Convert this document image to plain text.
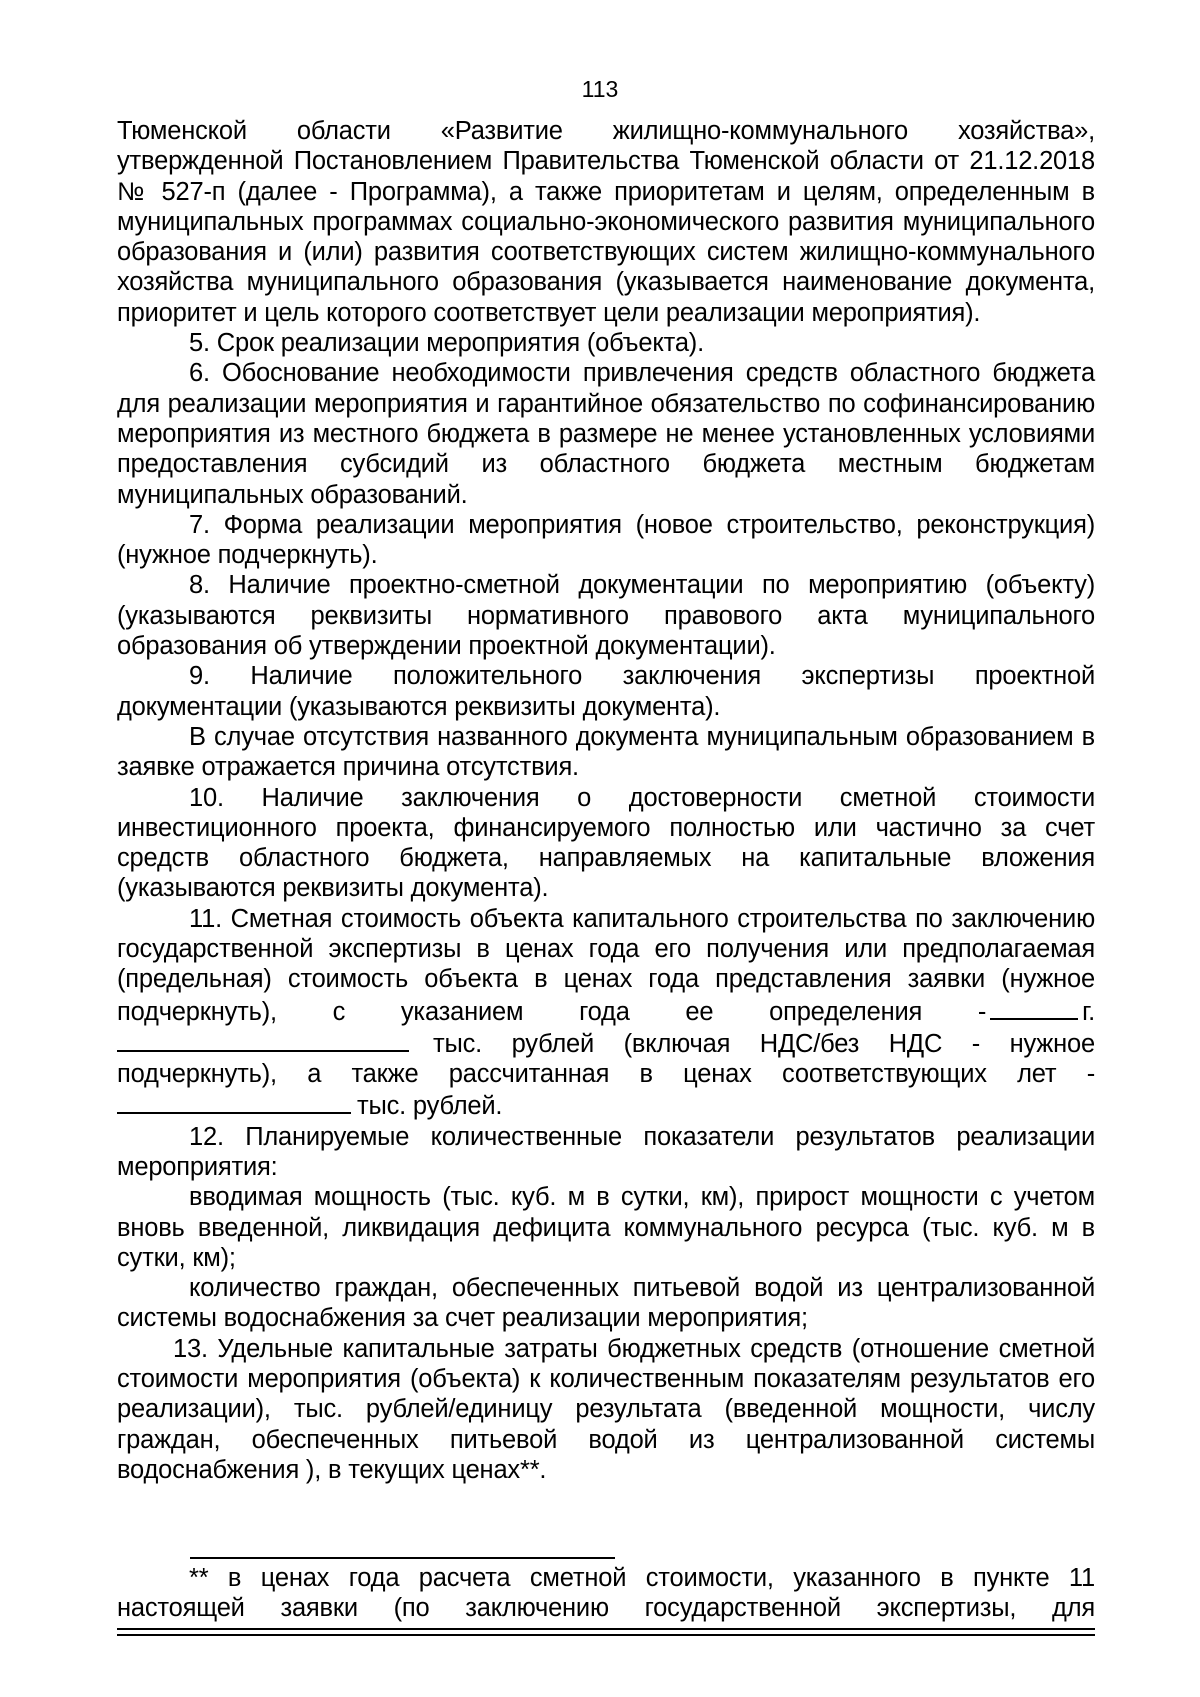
113

Тюменской области «Развитие жилищно-коммунального хозяйства», утвержденной Постановлением Правительства Тюменской области от 21.12.2018 № 527-п (далее - Программа), а также приоритетам и целям, определенным в муниципальных программах социально-экономического развития муниципального образования и (или) развития соответствующих систем жилищно-коммунального хозяйства муниципального образования (указывается наименование документа, приоритет и цель которого соответствует цели реализации мероприятия).

5. Срок реализации мероприятия (объекта).

6. Обоснование необходимости привлечения средств областного бюджета для реализации мероприятия и гарантийное обязательство по софинансированию мероприятия из местного бюджета в размере не менее установленных условиями предоставления субсидий из областного бюджета местным бюджетам муниципальных образований.

7. Форма реализации мероприятия (новое строительство, реконструкция) (нужное подчеркнуть).

8. Наличие проектно-сметной документации по мероприятию (объекту) (указываются реквизиты нормативного правового акта муниципального образования об утверждении проектной документации).

9. Наличие положительного заключения экспертизы проектной документации (указываются реквизиты документа).

В случае отсутствия названного документа муниципальным образованием в заявке отражается причина отсутствия.

10. Наличие заключения о достоверности сметной стоимости инвестиционного проекта, финансируемого полностью или частично за счет средств областного бюджета, направляемых на капитальные вложения (указываются реквизиты документа).

11. Сметная стоимость объекта капитального строительства по заключению государственной экспертизы в ценах года его получения или предполагаемая (предельная) стоимость объекта в ценах года представления заявки (нужное подчеркнуть), с указанием года ее определения -	г. тыс. рублей (включая НДС/без НДС - нужное подчеркнуть), а также рассчитанная в ценах соответствующих лет - тыс. рублей.

12. Планируемые количественные показатели результатов реализации мероприятия:

вводимая мощность (тыс. куб. м в сутки, км), прирост мощности с учетом вновь введенной, ликвидация дефицита коммунального ресурса (тыс. куб. м в сутки, км);

количество граждан, обеспеченных питьевой водой из централизованной системы водоснабжения за счет реализации мероприятия;

13. Удельные капитальные затраты бюджетных средств (отношение сметной стоимости мероприятия (объекта) к количественным показателям результатов его реализации), тыс. рублей/единицу результата (введенной мощности, числу граждан, обеспеченных питьевой водой из централизованной системы водоснабжения ), в текущих ценах**.

** в ценах года расчета сметной стоимости, указанного в пункте 11 настоящей заявки (по заключению государственной экспертизы, для
